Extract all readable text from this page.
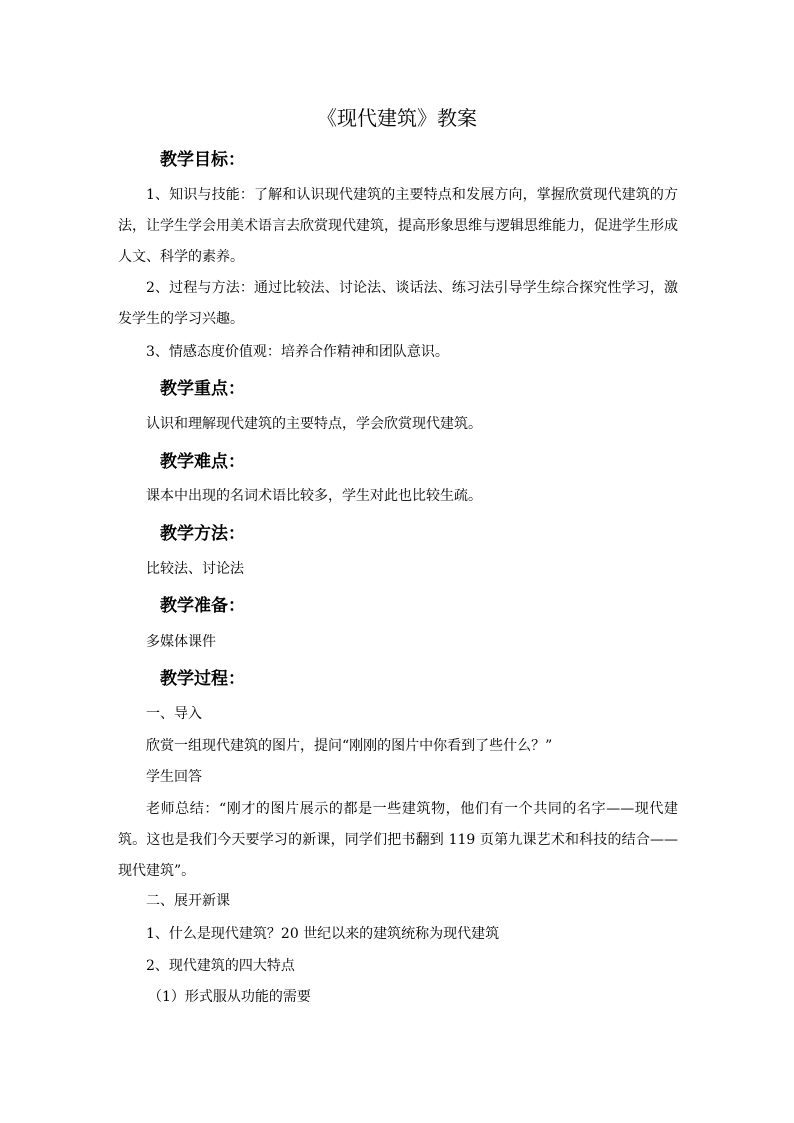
《现代建筑》教案
教学目标：

1、知识与技能：了解和认识现代建筑的主要特点和发展方向，掌握欣赏现代建筑的方法，让学生学会用美术语言去欣赏现代建筑，提高形象思维与逻辑思维能力，促进学生形成人文、科学的素养。

2、过程与方法：通过比较法、讨论法、谈话法、练习法引导学生综合探究性学习，激发学生的学习兴趣。

3、情感态度价值观：培养合作精神和团队意识。
教学重点：
认识和理解现代建筑的主要特点，学会欣赏现代建筑。
教学难点：
课本中出现的名词术语比较多，学生对此也比较生疏。
教学方法：
比较法、讨论法
教学准备：
多媒体课件
教学过程：
一、导入
欣赏一组现代建筑的图片，提问“刚刚的图片中你看到了些什么？”
学生回答

老师总结：“刚才的图片展示的都是一些建筑物，他们有一个共同的名字——现代建筑。这也是我们今天要学习的新课，同学们把书翻到 119 页第九课艺术和科技的结合——现代建筑”。

二、展开新课
1、什么是现代建筑？20 世纪以来的建筑统称为现代建筑
2、现代建筑的四大特点
（1）形式服从功能的需要
